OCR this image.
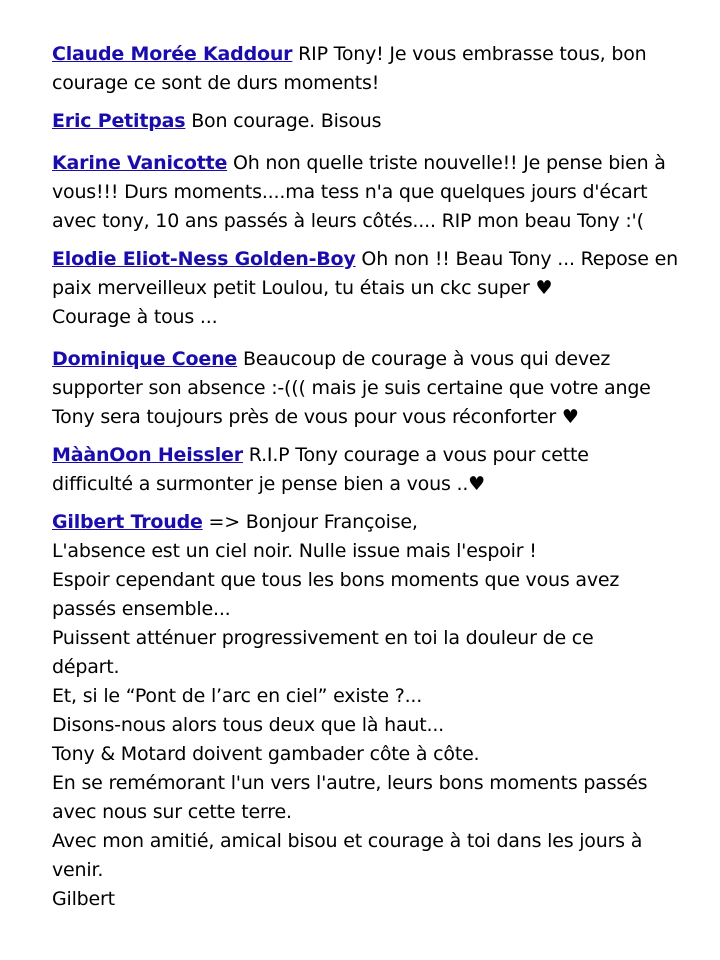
Claude Morée Kaddour RIP Tony! Je vous embrasse tous, bon
courage ce sont de durs moments!
Eric Petitpas Bon courage. Bisous
Karine Vanicotte Oh non quelle triste nouvelle!! Je pense bien à
vous!!! Durs moments....ma tess n'a que quelques jours d'écart
avec tony, 10 ans passés à leurs côtés.... RIP mon beau Tony :'(
Elodie Eliot-Ness Golden-Boy Oh non !! Beau Tony ... Repose en
paix merveilleux petit Loulou, tu étais un ckc super ♥
Courage à tous ...
Dominique Coene Beaucoup de courage à vous qui devez
supporter son absence :-((( mais je suis certaine que votre ange
Tony sera toujours près de vous pour vous réconforter ♥
MàànOon Heissler R.I.P Tony courage a vous pour cette
difficulté a surmonter je pense bien a vous ..♥
Gilbert Troude => Bonjour Françoise,
L'absence est un ciel noir. Nulle issue mais l'espoir !
Espoir cependant que tous les bons moments que vous avez
passés ensemble...
Puissent atténuer progressivement en toi la douleur de ce
départ.
Et, si le “Pont de l’arc en ciel” existe ?...
Disons-nous alors tous deux que là haut...
Tony & Motard doivent gambader côte à côte.
En se remémorant l'un vers l'autre, leurs bons moments passés
avec nous sur cette terre.
Avec mon amitié, amical bisou et courage à toi dans les jours à
venir.
Gilbert
